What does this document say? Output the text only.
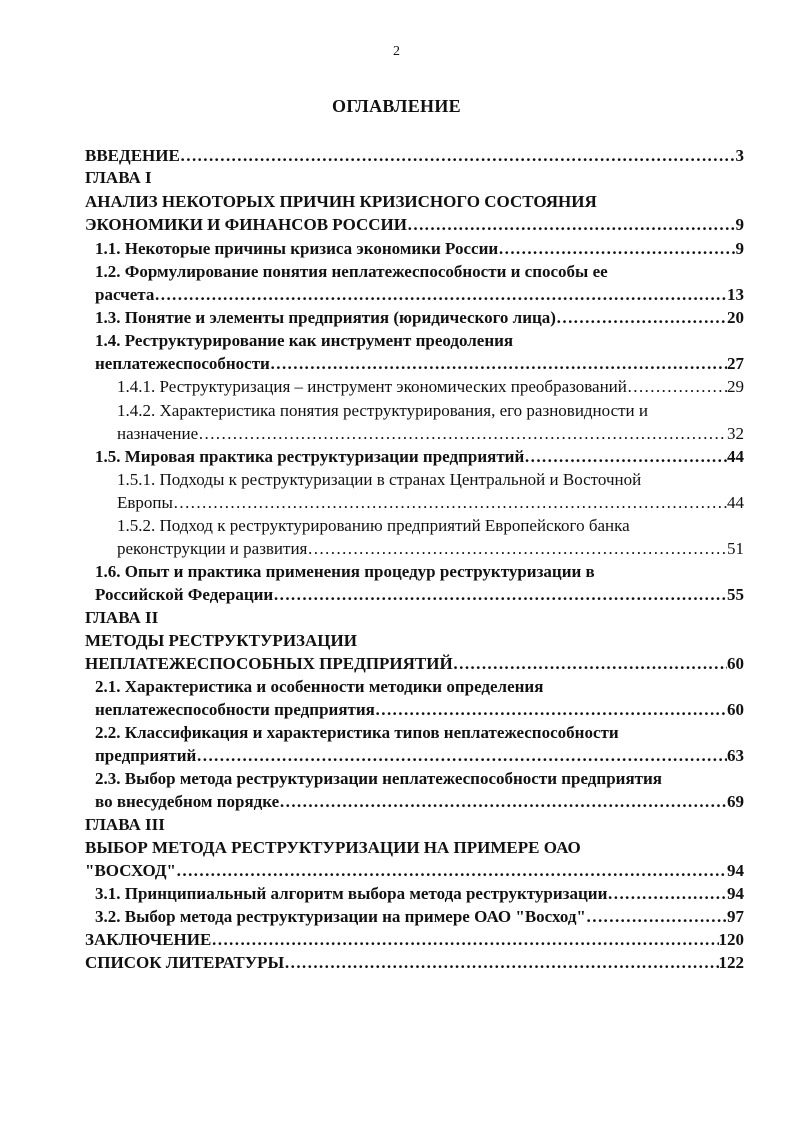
2
ОГЛАВЛЕНИЕ
ВВЕДЕНИЕ ……………………………………………………………………………………………………………………………………………………………………………………………………	3
ГЛАВА I
АНАЛИЗ НЕКОТОРЫХ ПРИЧИН КРИЗИСНОГО СОСТОЯНИЯ
ЭКОНОМИКИ И ФИНАНСОВ РОССИИ ……………………………………………………………………………………………………………………………………………………………………………………………………	9
1.1. Некоторые причины кризиса экономики России ……………………………………………………………………………………………………………………………………………………………………………………………………	9
1.2. Формулирование понятия неплатежеспособности и способы ее
расчета ……………………………………………………………………………………………………………………………………………………………………………………………………	13
1.3. Понятие и элементы предприятия (юридического лица) ……………………………………………………………………………………………………………………………………………………………………………………………………	20
1.4. Реструктурирование как инструмент преодоления
неплатежеспособности ……………………………………………………………………………………………………………………………………………………………………………………………………	27
1.4.1. Реструктуризация – инструмент экономических преобразований ……………………………………………………………………………………………………………………………………………………………………………………………………	29
1.4.2. Характеристика понятия реструктурирования, его разновидности и
назначение ……………………………………………………………………………………………………………………………………………………………………………………………………	32
1.5. Мировая практика реструктуризации предприятий ……………………………………………………………………………………………………………………………………………………………………………………………………	44
1.5.1. Подходы к реструктуризации в странах Центральной и Восточной
Европы ……………………………………………………………………………………………………………………………………………………………………………………………………	44
1.5.2. Подход к реструктурированию предприятий Европейского банка
реконструкции и развития ……………………………………………………………………………………………………………………………………………………………………………………………………	51
1.6. Опыт и практика применения процедур реструктуризации в
Российской Федерации ……………………………………………………………………………………………………………………………………………………………………………………………………	55
ГЛАВА II
МЕТОДЫ РЕСТРУКТУРИЗАЦИИ
НЕПЛАТЕЖЕСПОСОБНЫХ ПРЕДПРИЯТИЙ ……………………………………………………………………………………………………………………………………………………………………………………………………	60
2.1. Характеристика и особенности методики определения
неплатежеспособности предприятия ……………………………………………………………………………………………………………………………………………………………………………………………………	60
2.2. Классификация и характеристика типов неплатежеспособности
предприятий ……………………………………………………………………………………………………………………………………………………………………………………………………	63
2.3. Выбор метода реструктуризации неплатежеспособности предприятия
во внесудебном порядке ……………………………………………………………………………………………………………………………………………………………………………………………………	69
ГЛАВА III
ВЫБОР МЕТОДА РЕСТРУКТУРИЗАЦИИ НА ПРИМЕРЕ ОАО
"ВОСХОД" ……………………………………………………………………………………………………………………………………………………………………………………………………	94
3.1. Принципиальный алгоритм выбора метода реструктуризации ……………………………………………………………………………………………………………………………………………………………………………………………………	94
3.2. Выбор метода реструктуризации на примере ОАО "Восход" ……………………………………………………………………………………………………………………………………………………………………………………………………	97
ЗАКЛЮЧЕНИЕ ……………………………………………………………………………………………………………………………………………………………………………………………………	120
СПИСОК ЛИТЕРАТУРЫ ……………………………………………………………………………………………………………………………………………………………………………………………………	122
